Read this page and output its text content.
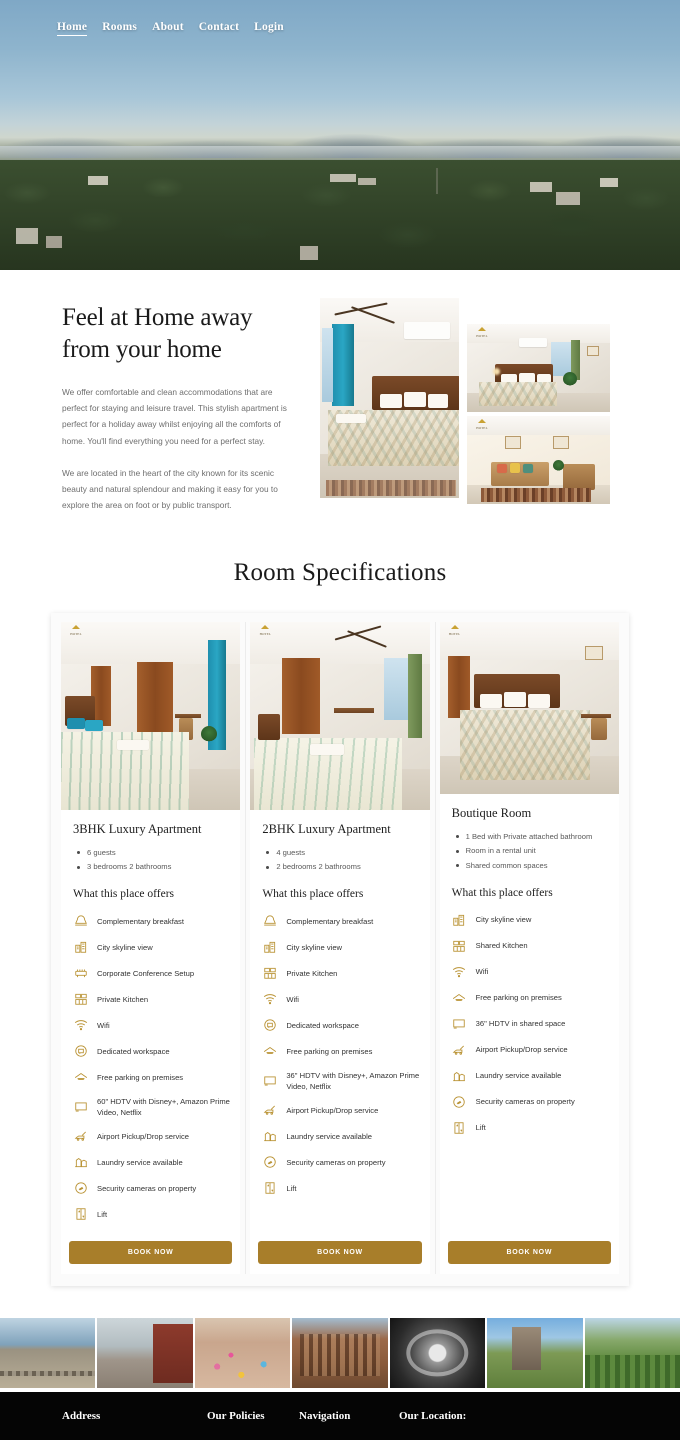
Home Rooms About Contact Login
Feel at Home away from your home

We offer comfortable and clean accommodations that are perfect for staying and leisure travel. This stylish apartment is perfect for a holiday away whilst enjoying all the comforts of home. You'll find everything you need for a perfect stay.

We are located in the heart of the city known for its scenic beauty and natural splendour and making it easy for you to explore the area on foot or by public transport.

HOTEL
HOTEL
Room Specifications
HOTEL
3BHK Luxury Apartment
6 guests
3 bedrooms 2 bathrooms
What this place offers
Complementary breakfast
City skyline view
Corporate Conference Setup
Private Kitchen
Wifi
Dedicated workspace
Free parking on premises
60" HDTV with Disney+, Amazon Prime Video, Netflix
Airport Pickup/Drop service
Laundry service available
Security cameras on property
Lift
BOOK NOW
HOTEL
2BHK Luxury Apartment
4 guests
2 bedrooms 2 bathrooms
What this place offers
Complementary breakfast
City skyline view
Private Kitchen
Wifi
Dedicated workspace
Free parking on premises
36" HDTV with Disney+, Amazon Prime Video, Netflix
Airport Pickup/Drop service
Laundry service available
Security cameras on property
Lift
BOOK NOW
HOTEL
Boutique Room
1 Bed with Private attached bathroom
Room in a rental unit
Shared common spaces
What this place offers
City skyline view
Shared Kitchen
Wifi
Free parking on premises
36" HDTV in shared space
Airport Pickup/Drop service
Laundry service available
Security cameras on property
Lift
BOOK NOW
Address	Our Policies	Navigation	Our Location:
